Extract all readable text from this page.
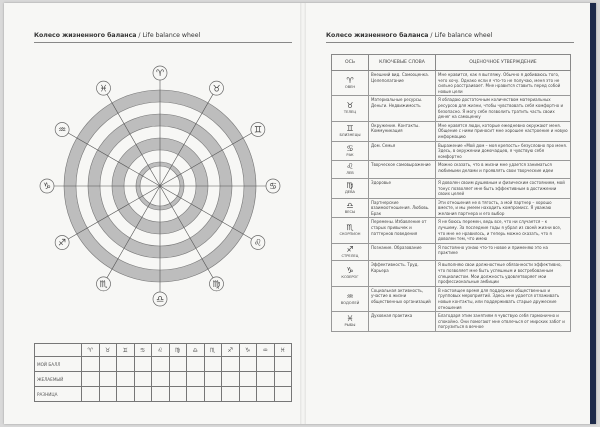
Колесо жизненного баланса / Life balance wheel
♉
♊
♋
♌
♍
♎
♏
♐
♑
♒
♓
♈
	♈	♉	♊	♋	♌	♍	♎	♏	♐	♑	♒	♓
МОЙ БАЛЛ												
ЖЕЛАЕМЫЙ												
РАЗНИЦА												
Колесо жизненного баланса / Life balance wheel
ОСЬ	КЛЮЧЕВЫЕ СЛОВА	ОЦЕНОЧНОЕ УТВЕРЖДЕНИЕ

♈
ОВЕН	Внешний вид. Самооценка. Целеполагание	Мне нравится, как я выгляжу. Обычно я добиваюсь того, чего хочу. Однако если я что-то не получаю, меня это не сильно расстраивает. Мне нравится ставить перед собой новые цели

♉
ТЕЛЕЦ	Материальные ресурсы. Деньги. Недвижимость	Я обладаю достаточным количеством материальных ресурсов для жизни, чтобы чувствовать себя комфортно и безопасно. Я могу себе позволить тратить часть своих денег на самоценку

♊
БЛИЗНЕЦЫ	Окружение. Контакты. Коммуникация	Мне нравятся люди, которые ежедневно окружают меня. Общение с ними приносит мне хорошее настроение и новую информацию

♋
РАК	Дом. Семья	Выражение «Мой дом – моя крепость» безусловно про меня. Здесь, в окружении домочадцев, я чувствую себя комфортно

♌
ЛЕВ	Творческое самовыражение	Можно сказать, что в жизни мне удается заниматься любимыми делами и проявлять свои творческие идеи

♍
ДЕВА	Здоровье	Я доволен своим душевным и физическим состоянием, мой тонус позволяет мне быть эффективным в достижении своих целей

♎
ВЕСЫ	Партнерские взаимоотношения. Любовь. Брак	Эти отношения не в тягость, а мой партнер – хорошо вместе, и мы умеем находить компромисс. Я уважаю желания партнера и его выбор

♏
СКОРПИОН	Перемены. Избавление от старых привычек и паттернов поведения	Я не боюсь перемен, ведь все, что ни случается – к лучшему. За последние годы я убрал из своей жизни все, что мне не нравилось, и теперь можно сказать, что я доволен тем, что имею

♐
СТРЕЛЕЦ	Познание. Образование	Я постоянно узнаю что-то новое и применяю это на практике

♑
КОЗЕРОГ	Эффективность. Труд. Карьера	Я выполняю свои должностные обязанности эффективно, что позволяет мне быть успешным и востребованным специалистом. Мои должность удовлетворяет мои профессиональные амбиции

♒
ВОДОЛЕЙ	Социальная активность, участие в жизни общественных организаций	В настоящее время для поддержки общественных и групповых мероприятий. Здесь мне удается отлаживать новые контакты, или поддерживать старые дружеские отношения

♓
РЫБЫ	Духовная практика	Благодаря этим занятиям я чувствую себя гармонично и спокойно. Они помогают мне отвлечься от мирских забот и погрузиться в вечное
